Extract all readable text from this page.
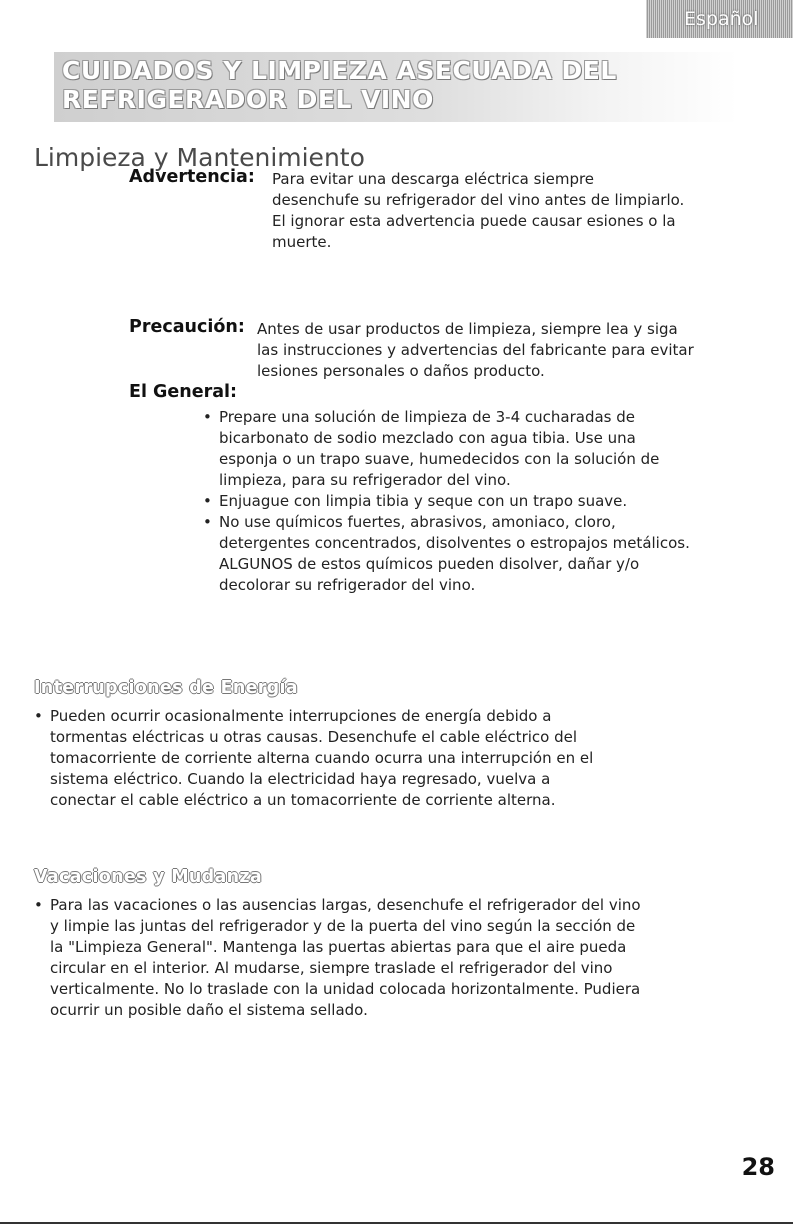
Español
CUIDADOS Y LIMPIEZA ASECUADA DEL
REFRIGERADOR DEL VINO
Limpieza y Mantenimiento
Advertencia: Para evitar una descarga eléctrica siempre
desenchufe su refrigerador del vino antes de limpiarlo.
El ignorar esta advertencia puede causar esiones o la
muerte.

Precaución: Antes de usar productos de limpieza, siempre lea y siga
las instrucciones y advertencias del fabricante para evitar
lesiones personales o daños producto.

El General:
• Prepare una solución de limpieza de 3-4 cucharadas de
bicarbonato de sodio mezclado con agua tibia. Use una
esponja o un trapo suave, humedecidos con la solución de
limpieza, para su refrigerador del vino.
• Enjuague con limpia tibia y seque con un trapo suave.
• No use químicos fuertes, abrasivos, amoniaco, cloro,
detergentes concentrados, disolventes o estropajos metálicos.
ALGUNOS de estos químicos pueden disolver, dañar y/o
decolorar su refrigerador del vino.
Interrupciones de Energía
• Pueden ocurrir ocasionalmente interrupciones de energía debido a
tormentas eléctricas u otras causas. Desenchufe el cable eléctrico del
tomacorriente de corriente alterna cuando ocurra una interrupción en el
sistema eléctrico. Cuando la electricidad haya regresado, vuelva a
conectar el cable eléctrico a un tomacorriente de corriente alterna.
Vacaciones y Mudanza
• Para las vacaciones o las ausencias largas, desenchufe el refrigerador del vino
y limpie las juntas del refrigerador y de la puerta del vino según la sección de
la "Limpieza General". Mantenga las puertas abiertas para que el aire pueda
circular en el interior. Al mudarse, siempre traslade el refrigerador del vino
verticalmente. No lo traslade con la unidad colocada horizontalmente. Pudiera
ocurrir un posible daño el sistema sellado.
28
